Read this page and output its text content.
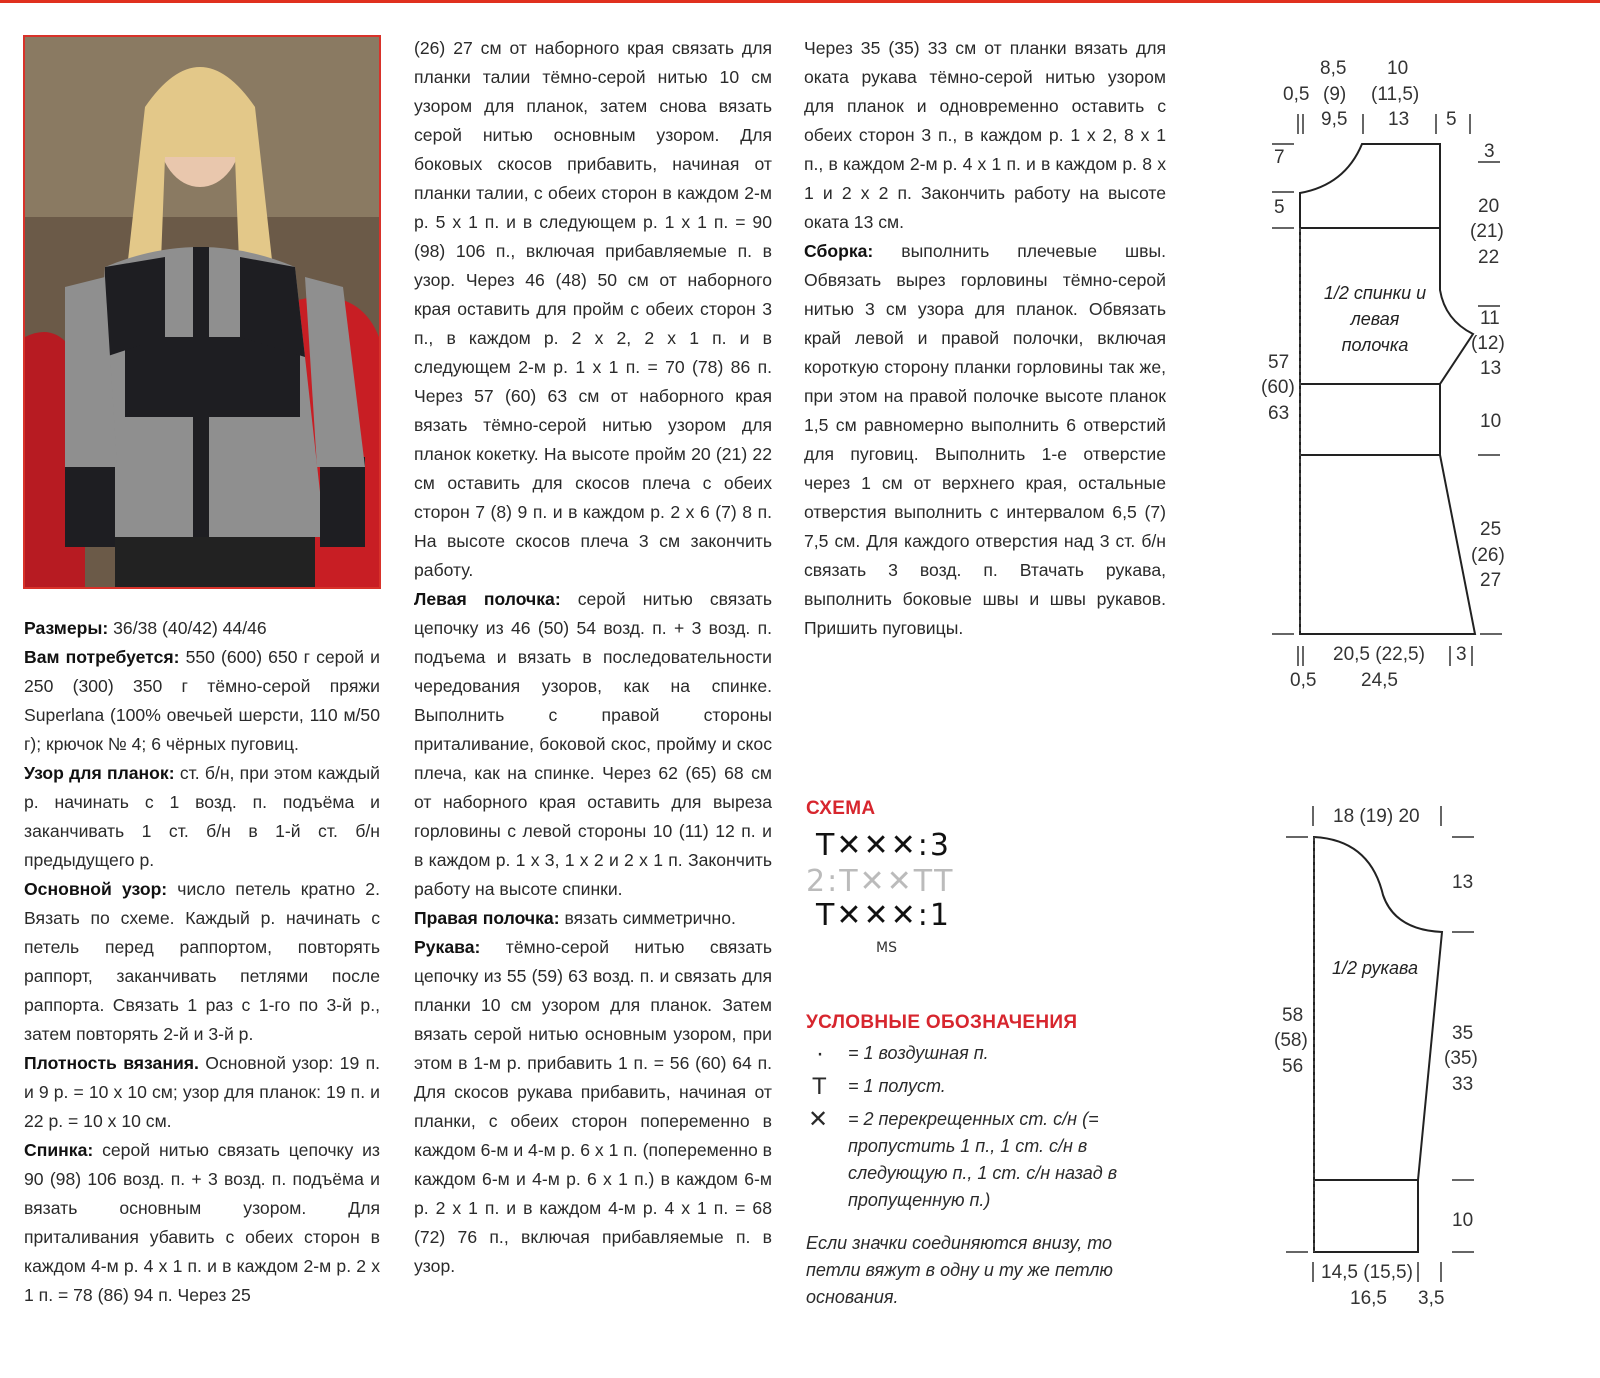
Размеры: 36/38 (40/42) 44/46

Вам потребуется: 550 (600) 650 г серой и 250 (300) 350 г тёмно-серой пряжи Superlana (100% овечьей шерсти, 110 м/50 г); крючок № 4; 6 чёрных пуговиц.

Узор для планок: ст. б/н, при этом каждый р. начинать с 1 возд. п. подъёма и заканчивать 1 ст. б/н в 1-й ст. б/н предыдущего р.

Основной узор: число петель кратно 2. Вязать по схеме. Каждый р. начинать с петель перед раппортом, повторять раппорт, заканчивать петлями после раппорта. Связать 1 раз с 1-го по 3-й р., затем повторять 2-й и 3-й р.

Плотность вязания. Основной узор: 19 п. и 9 р. = 10 х 10 см; узор для планок: 19 п. и 22 р. = 10 х 10 см.

Спинка: серой нитью связать цепочку из 90 (98) 106 возд. п. + 3 возд. п. подъёма и вязать основным узором. Для приталивания убавить с обеих сторон в каждом 4-м р. 4 х 1 п. и в каждом 2-м р. 2 х 1 п. = 78 (86) 94 п. Через 25

(26) 27 см от наборного края связать для планки талии тёмно-серой нитью 10 см узором для планок, затем снова вязать серой нитью основным узором. Для боковых скосов прибавить, начиная от планки талии, с обеих сторон в каждом 2-м р. 5 х 1 п. и в следующем р. 1 х 1 п. = 90 (98) 106 п., включая прибавляемые п. в узор. Через 46 (48) 50 см от наборного края оставить для пройм с обеих сторон 3 п., в каждом р. 2 х 2, 2 х 1 п. и в следующем 2-м р. 1 х 1 п. = 70 (78) 86 п. Через 57 (60) 63 см от наборного края вязать тёмно-серой нитью узором для планок кокетку. На высоте пройм 20 (21) 22 см оставить для скосов плеча с обеих сторон 7 (8) 9 п. и в каждом р. 2 х 6 (7) 8 п. На высоте скосов плеча 3 см закончить работу.

Левая полочка: серой нитью связать цепочку из 46 (50) 54 возд. п. + 3 возд. п. подъема и вязать в последовательности чередования узоров, как на спинке. Выполнить с правой стороны приталивание, боковой скос, пройму и скос плеча, как на спинке. Через 62 (65) 68 см от наборного края оставить для выреза горловины с левой стороны 10 (11) 12 п. и в каждом р. 1 х 3, 1 х 2 и 2 х 1 п. Закончить работу на высоте спинки.

Правая полочка: вязать симметрично.

Рукава: тёмно-серой нитью связать цепочку из 55 (59) 63 возд. п. и связать для планки 10 см узором для планок. Затем вязать серой нитью основным узором, при этом в 1-м р. прибавить 1 п. = 56 (60) 64 п. Для скосов рукава прибавить, начиная от планки, с обеих сторон попеременно в каждом 6-м и 4-м р. 6 х 1 п. (попеременно в каждом 6-м и 4-м р. 6 х 1 п.) в каждом 6-м р. 2 х 1 п. и в каждом 4-м р. 4 х 1 п. = 68 (72) 76 п., включая прибавляемые п. в узор.

Через 35 (35) 33 см от планки вязать для оката рукава тёмно-серой нитью узором для планок и одновременно оставить с обеих сторон 3 п., в каждом р. 1 х 2, 8 х 1 п., в каждом 2-м р. 4 х 1 п. и в каждом р. 8 х 1 и 2 х 2 п. Закончить работу на высоте оката 13 см.

Сборка: выполнить плечевые швы. Обвязать вырез горловины тёмно-серой нитью 3 см узора для планок. Обвязать край левой и правой полочки, включая короткую сторону планки горловины так же, при этом на правой полочке высоте планок 1,5 см равномерно выполнить 6 отверстий для пуговиц. Выполнить 1-е отверстие через 1 см от верхнего края, остальные отверстия выполнить с интервалом 6,5 (7) 7,5 см. Для каждого отверстия над 3 ст. б/н связать 3 возд. п. Втачать рукава, выполнить боковые швы и швы рукавов. Пришить пуговицы.

СХЕМА
Т✕✕✕:3
2:Т✕✕ТТ
Т✕✕✕:1
MS
УСЛОВНЫЕ ОБОЗНАЧЕНИЯ
· = 1 воздушная п.
Т = 1 полуст.
✕ = 2 перекрещенных ст. с/н (= пропустить 1 п., 1 ст. с/н в следующую п., 1 ст. с/н назад в пропущенную п.)
Если значки соединяются внизу, то петли вяжут в одну и ту же петлю основания.
1/2 спинки и левая полочка
8,5 10
0,5 (9) (11,5)
9,5 13 5
7
5
57
(60)
63
3
20
(21)
22
11
(12)
13
10
25
(26)
27
20,5 (22,5) 3
0,5 24,5
1/2 рукава
18 (19) 20
13
58
(58)
56
35
(35)
33
10
14,5 (15,5)
16,5 3,5
